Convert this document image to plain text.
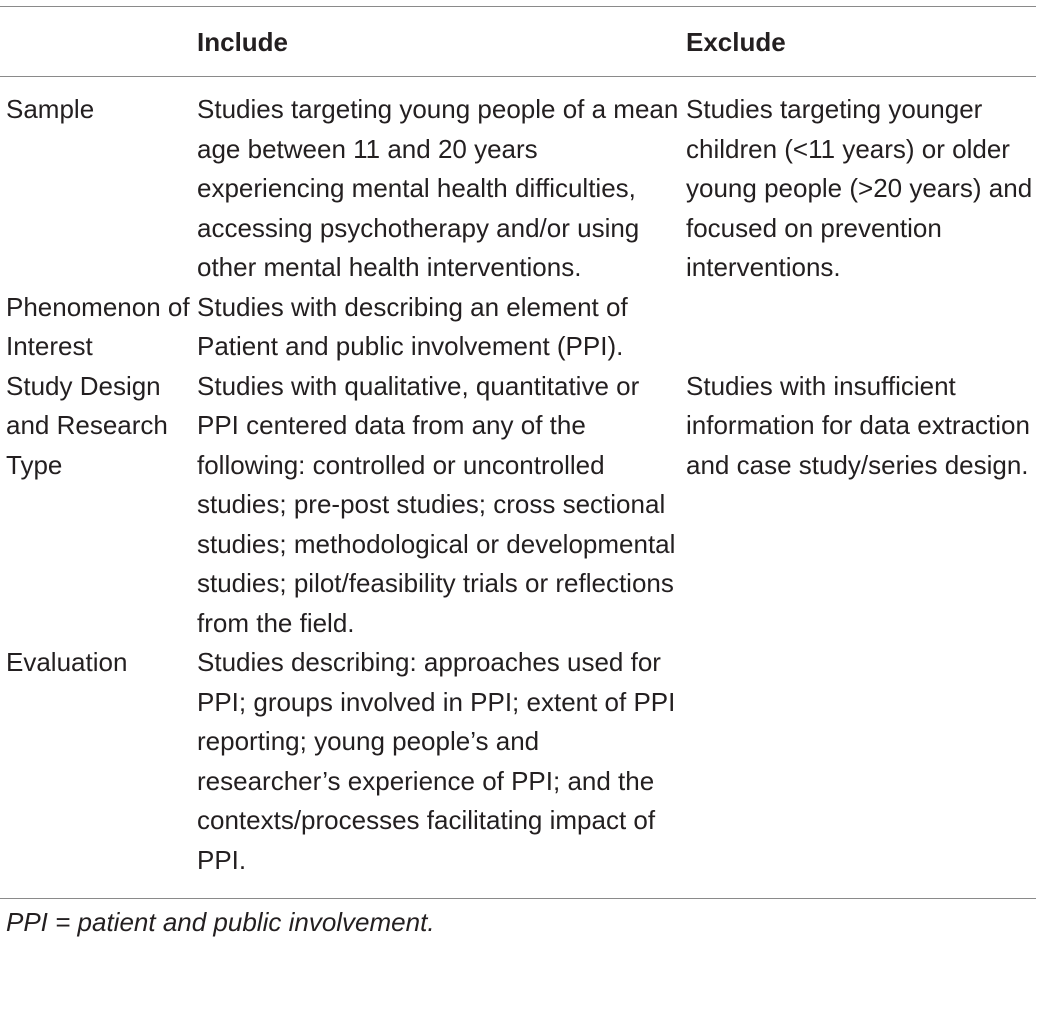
	Include	Exclude
Sample	Studies targeting young people of a mean age between 11 and 20 years experiencing mental health difficulties, accessing psychotherapy and/or using other mental health interventions.	Studies targeting younger children (<11 years) or older young people (>20 years) and focused on prevention interventions.
Phenomenon of Interest	Studies with describing an element of Patient and public involvement (PPI).	
Study Design and Research Type	Studies with qualitative, quantitative or PPI centered data from any of the following: controlled or uncontrolled studies; pre-post studies; cross sectional studies; methodological or developmental studies; pilot/feasibility trials or reflections from the field.	Studies with insufficient information for data extraction and case study/series design.
Evaluation	Studies describing: approaches used for PPI; groups involved in PPI; extent of PPI reporting; young people’s and researcher’s experience of PPI; and the contexts/processes facilitating impact of PPI.	
PPI = patient and public involvement.
